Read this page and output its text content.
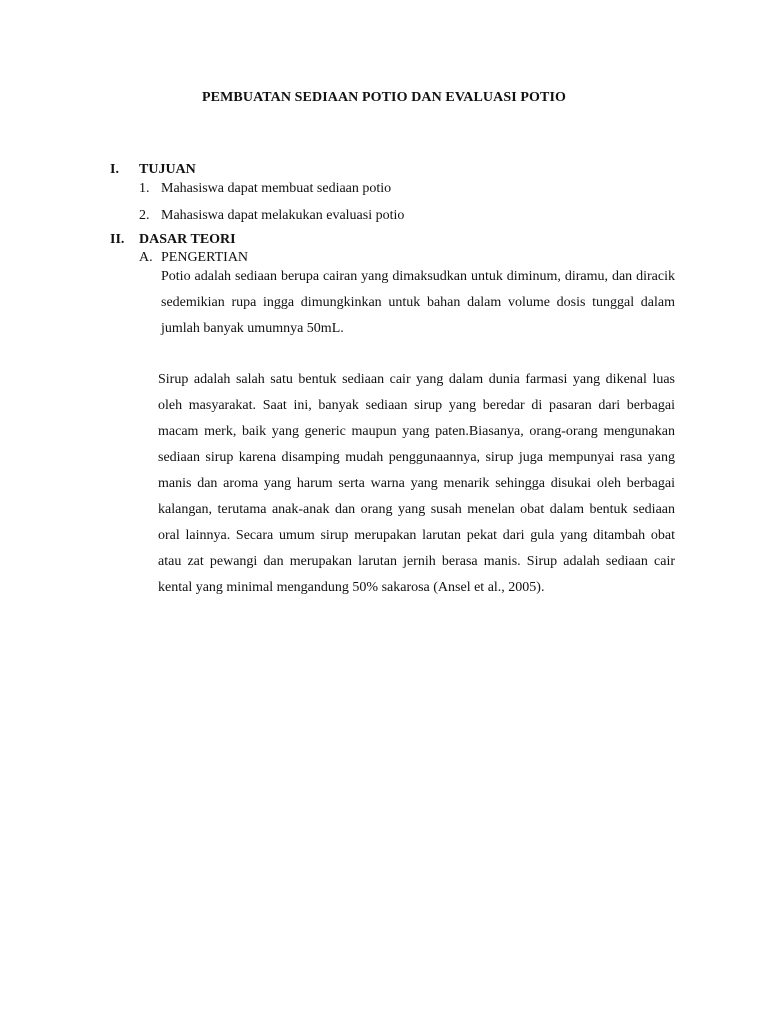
PEMBUATAN SEDIAAN POTIO DAN EVALUASI POTIO
I. TUJUAN
1. Mahasiswa dapat membuat sediaan potio
2. Mahasiswa dapat melakukan evaluasi potio
II. DASAR TEORI
A. PENGERTIAN

Potio adalah sediaan berupa cairan yang dimaksudkan untuk diminum, diramu, dan diracik sedemikian rupa ingga dimungkinkan untuk bahan dalam volume dosis tunggal dalam jumlah banyak umumnya 50mL.

Sirup adalah salah satu bentuk sediaan cair yang dalam dunia farmasi yang dikenal luas oleh masyarakat. Saat ini, banyak sediaan sirup yang beredar di pasaran dari berbagai macam merk, baik yang generic maupun yang paten.Biasanya, orang-orang mengunakan sediaan sirup karena disamping mudah penggunaannya, sirup juga mempunyai rasa yang manis dan aroma yang harum serta warna yang menarik sehingga disukai oleh berbagai kalangan, terutama anak-anak dan orang yang susah menelan obat dalam bentuk sediaan oral lainnya. Secara umum sirup merupakan larutan pekat dari gula yang ditambah obat atau zat pewangi dan merupakan larutan jernih berasa manis. Sirup adalah sediaan cair kental yang minimal mengandung 50% sakarosa (Ansel et al., 2005).
